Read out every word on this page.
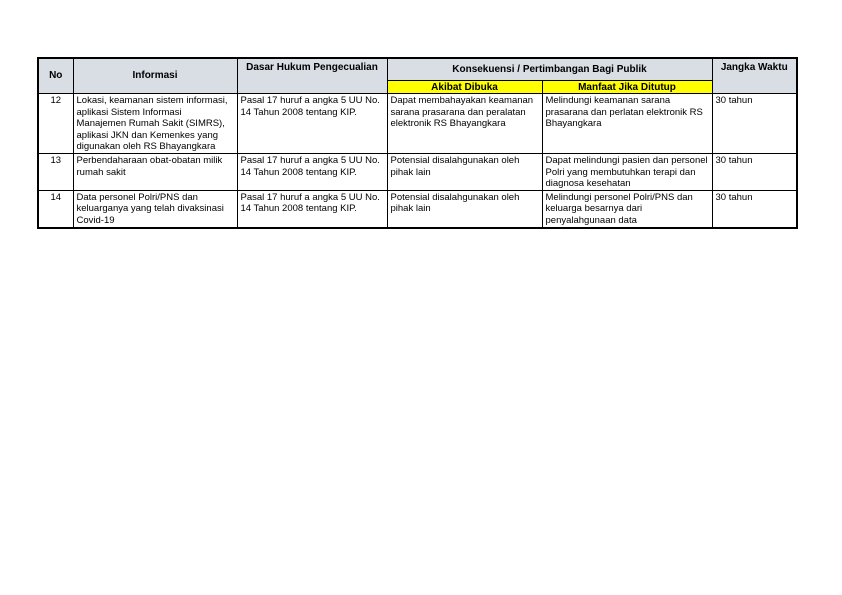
No	Informasi	Dasar Hukum Pengecualian	Konsekuensi / Pertimbangan Bagi Publik		Jangka Waktu
			Akibat Dibuka	Manfaat Jika Ditutup	
12	Lokasi, keamanan sistem informasi, aplikasi Sistem Informasi Manajemen Rumah Sakit (SIMRS), aplikasi JKN dan Kemenkes yang digunakan oleh RS Bhayangkara	Pasal 17 huruf a angka 5 UU No. 14 Tahun 2008 tentang KIP.	Dapat membahayakan keamanan sarana prasarana dan peralatan elektronik RS Bhayangkara	Melindungi keamanan sarana prasarana dan perlatan elektronik RS Bhayangkara	30 tahun
13	Perbendaharaan obat-obatan milik rumah sakit	Pasal 17 huruf a angka 5 UU No. 14 Tahun 2008 tentang KIP.	Potensial disalahgunakan oleh pihak lain	Dapat melindungi pasien dan personel Polri yang membutuhkan terapi dan diagnosa kesehatan	30 tahun
14	Data personel Polri/PNS dan keluarganya yang telah divaksinasi Covid-19	Pasal 17 huruf a angka 5 UU No. 14 Tahun 2008 tentang KIP.	Potensial disalahgunakan oleh pihak lain	Melindungi personel Polri/PNS dan keluarga besarnya dari penyalahgunaan data	30 tahun
